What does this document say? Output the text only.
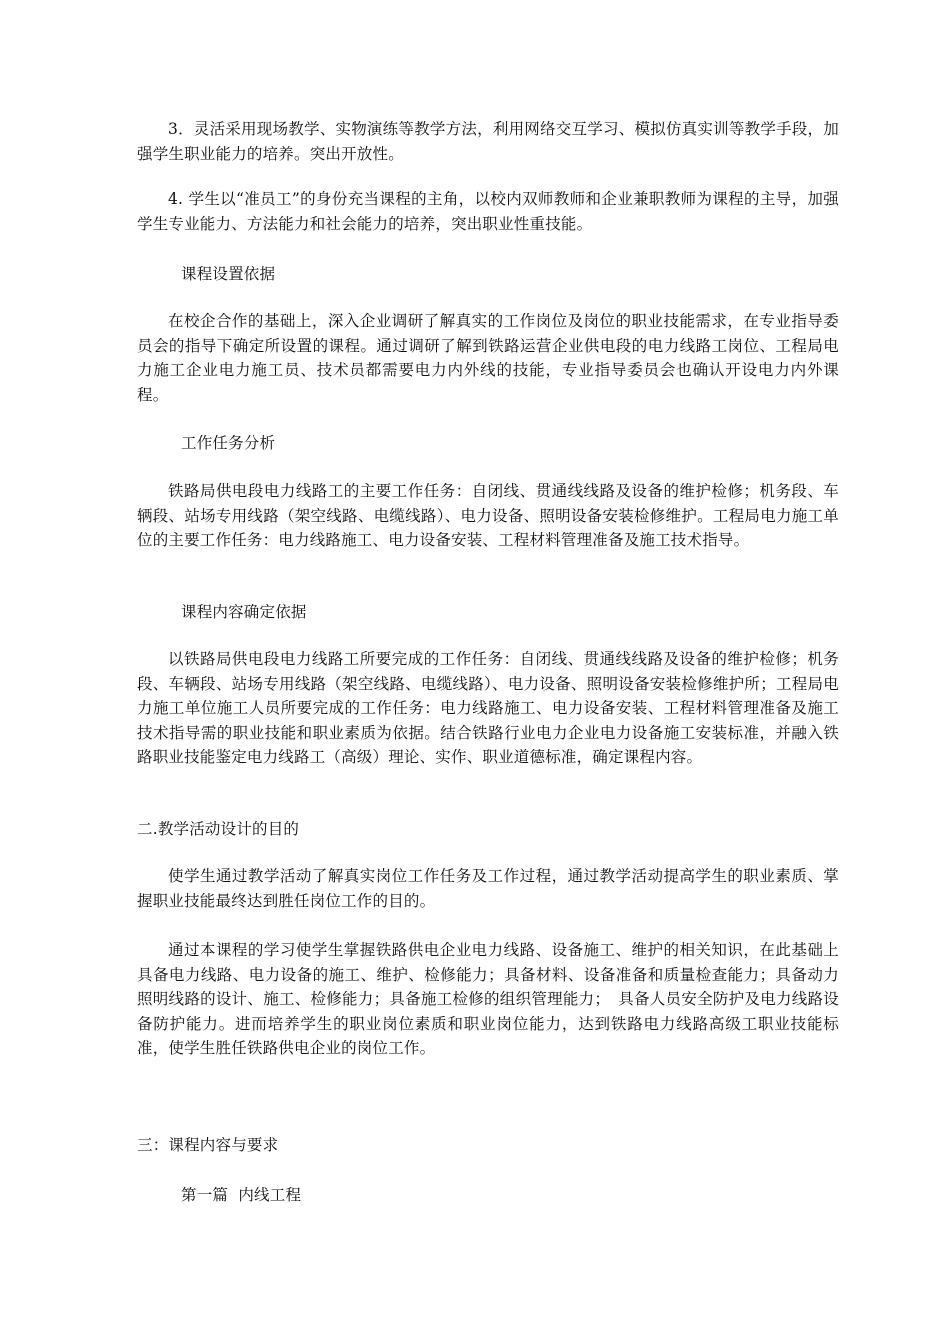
3．灵活采用现场教学、实物演练等教学方法，利用网络交互学习、模拟仿真实训等教学手段，加强学生职业能力的培养。突出开放性。

4. 学生以“准员工”的身份充当课程的主角，以校内双师教师和企业兼职教师为课程的主导，加强学生专业能力、方法能力和社会能力的培养，突出职业性重技能。

课程设置依据

在校企合作的基础上，深入企业调研了解真实的工作岗位及岗位的职业技能需求，在专业指导委员会的指导下确定所设置的课程。通过调研了解到铁路运营企业供电段的电力线路工岗位、工程局电力施工企业电力施工员、技术员都需要电力内外线的技能，专业指导委员会也确认开设电力内外课程。

工作任务分析

铁路局供电段电力线路工的主要工作任务：自闭线、贯通线线路及设备的维护检修；机务段、车辆段、站场专用线路（架空线路、电缆线路）、电力设备、照明设备安装检修维护。工程局电力施工单位的主要工作任务：电力线路施工、电力设备安装、工程材料管理准备及施工技术指导。

课程内容确定依据

以铁路局供电段电力线路工所要完成的工作任务：自闭线、贯通线线路及设备的维护检修；机务段、车辆段、站场专用线路（架空线路、电缆线路）、电力设备、照明设备安装检修维护所；工程局电力施工单位施工人员所要完成的工作任务：电力线路施工、电力设备安装、工程材料管理准备及施工技术指导需的职业技能和职业素质为依据。结合铁路行业电力企业电力设备施工安装标准，并融入铁路职业技能鉴定电力线路工（高级）理论、实作、职业道德标准，确定课程内容。

二.教学活动设计的目的

使学生通过教学活动了解真实岗位工作任务及工作过程，通过教学活动提高学生的职业素质、掌握职业技能最终达到胜任岗位工作的目的。

通过本课程的学习使学生掌握铁路供电企业电力线路、设备施工、维护的相关知识，在此基础上具备电力线路、电力设备的施工、维护、检修能力；具备材料、设备准备和质量检查能力；具备动力照明线路的设计、施工、检修能力；具备施工检修的组织管理能力；　具备人员安全防护及电力线路设备防护能力。进而培养学生的职业岗位素质和职业岗位能力，达到铁路电力线路高级工职业技能标准，使学生胜任铁路供电企业的岗位工作。

三：课程内容与要求

第一篇  内线工程
